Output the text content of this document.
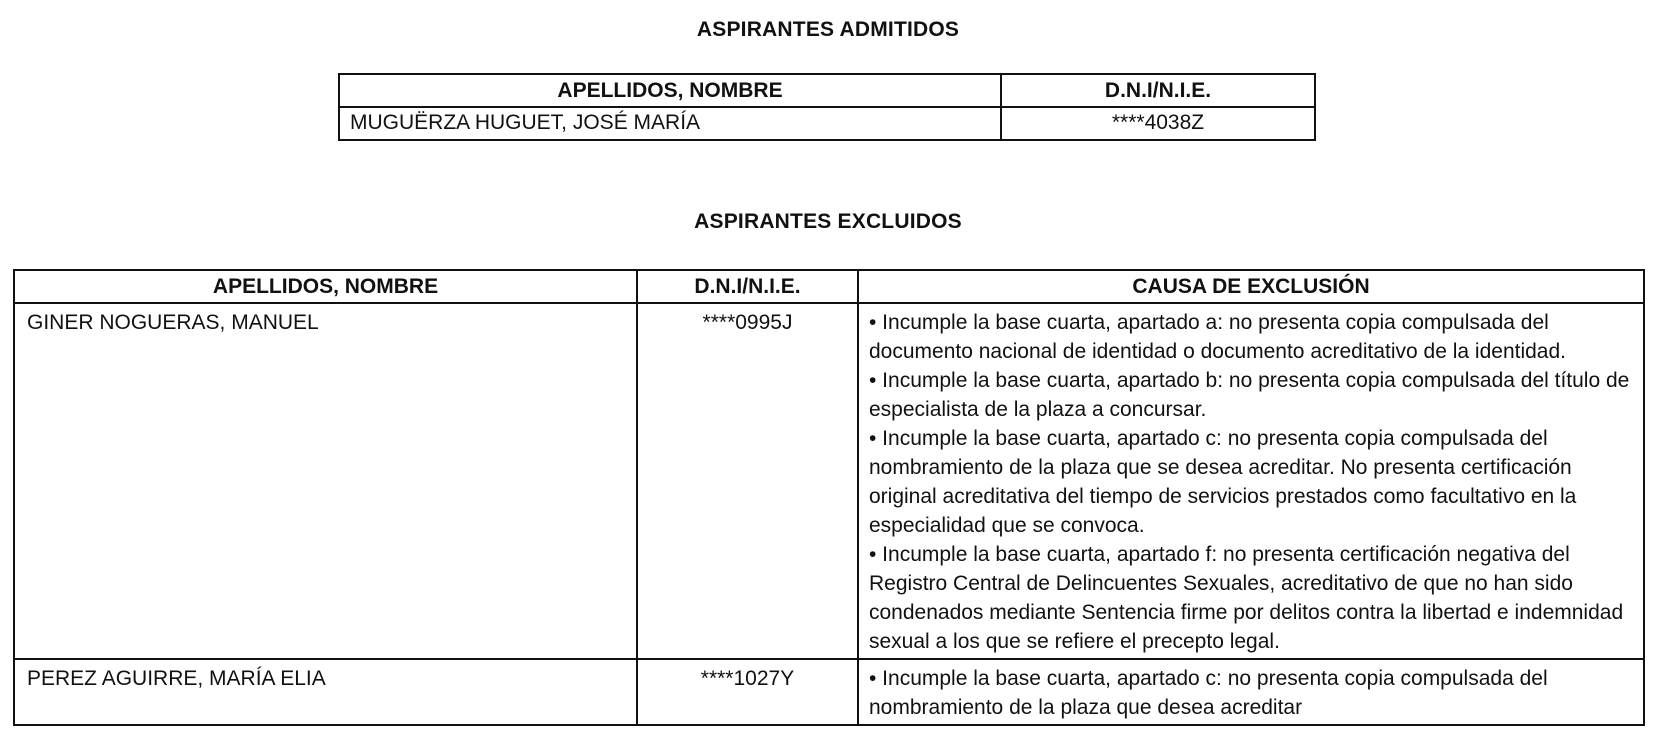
ASPIRANTES ADMITIDOS
APELLIDOS, NOMBRE	D.N.I/N.I.E.
MUGUËRZA HUGUET, JOSÉ MARÍA	****4038Z
ASPIRANTES EXCLUIDOS
APELLIDOS, NOMBRE	D.N.I/N.I.E.	CAUSA DE EXCLUSIÓN
GINER NOGUERAS, MANUEL	****0995J	• Incumple la base cuarta, apartado a: no presenta copia compulsada del documento nacional de identidad o documento acreditativo de la identidad.
• Incumple la base cuarta, apartado b: no presenta copia compulsada del título de especialista de la plaza a concursar.
• Incumple la base cuarta, apartado c: no presenta copia compulsada del nombramiento de la plaza que se desea acreditar. No presenta certificación original acreditativa del tiempo de servicios prestados como facultativo en la especialidad que se convoca.
• Incumple la base cuarta, apartado f: no presenta certificación negativa del Registro Central de Delincuentes Sexuales, acreditativo de que no han sido condenados mediante Sentencia firme por delitos contra la libertad e indemnidad sexual a los que se refiere el precepto legal.

PEREZ AGUIRRE, MARÍA ELIA	****1027Y	• Incumple la base cuarta, apartado c: no presenta copia compulsada del nombramiento de la plaza que desea acreditar
